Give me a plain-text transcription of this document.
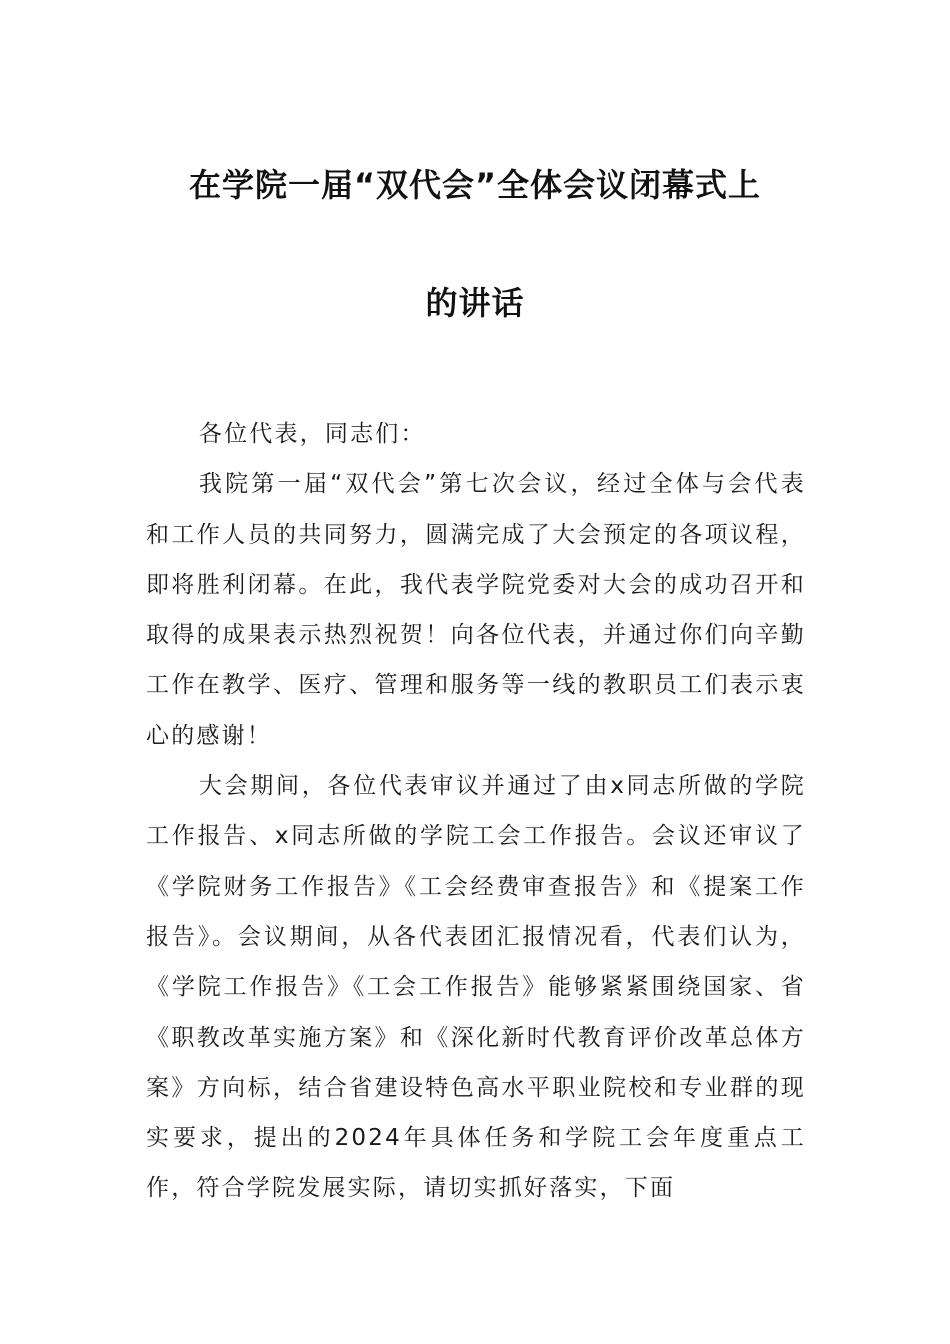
在学院一届“双代会”全体会议闭幕式上
的讲话

各位代表，同志们：

我院第一届“双代会”第七次会议，经过全体与会代表和工作人员的共同努力，圆满完成了大会预定的各项议程，即将胜利闭幕。在此，我代表学院党委对大会的成功召开和取得的成果表示热烈祝贺！向各位代表，并通过你们向辛勤工作在教学、医疗、管理和服务等一线的教职员工们表示衷心的感谢！

大会期间，各位代表审议并通过了由x同志所做的学院工作报告、x同志所做的学院工会工作报告。会议还审议了《学院财务工作报告》《工会经费审查报告》和《提案工作报告》。会议期间，从各代表团汇报情况看，代表们认为，《学院工作报告》《工会工作报告》能够紧紧围绕国家、省《职教改革实施方案》和《深化新时代教育评价改革总体方案》方向标，结合省建设特色高水平职业院校和专业群的现实要求，提出的2024年具体任务和学院工会年度重点工作，符合学院发展实际，请切实抓好落实，下面
